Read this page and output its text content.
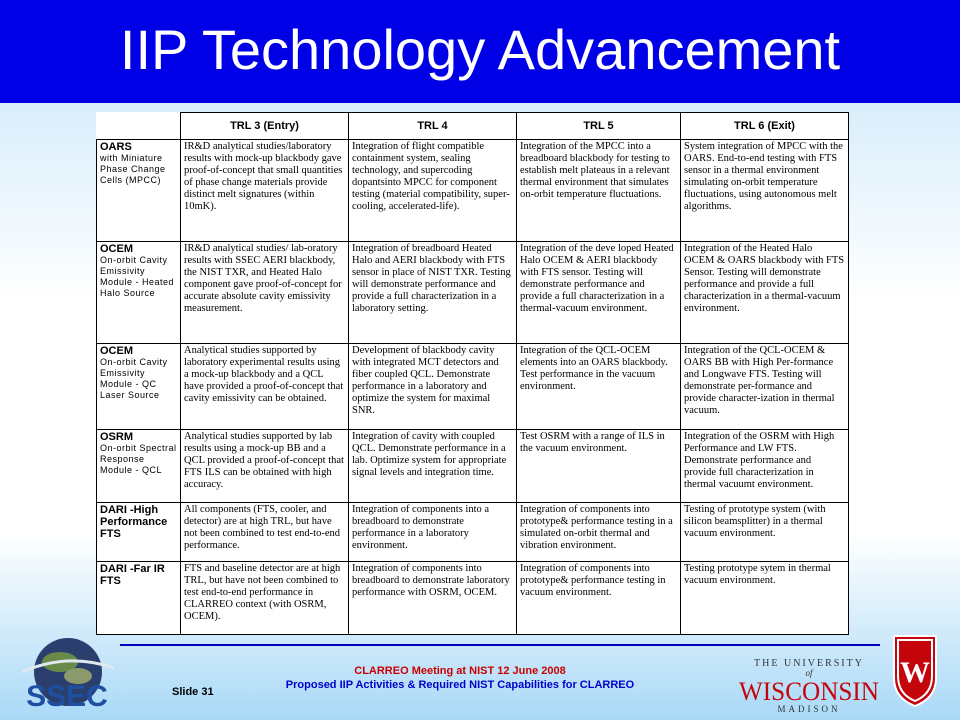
IIP Technology Advancement
	TRL 3 (Entry)	TRL 4	TRL 5	TRL 6 (Exit)

OARS
with Miniature Phase Change Cells (MPCC)	IR&D analytical studies/laboratory results with mock-up blackbody gave proof-of-concept that small quantities of phase change materials provide distinct melt signatures (within 10mK).	Integration of flight compatible containment system, sealing technology, and supercoding dopantsinto MPCC for component testing (material compatibility, super-cooling, accelerated-life).	Integration of the MPCC into a breadboard blackbody for testing to establish melt plateaus in a relevant thermal environment that simulates on-orbit temperature fluctuations.	System integration of MPCC with the OARS. End-to-end testing with FTS sensor in a thermal environment simulating on-orbit temperature fluctuations, using autonomous melt algorithms.

OCEM
On-orbit Cavity Emissivity Module - Heated Halo Source	IR&D analytical studies/ lab-oratory results with SSEC AERI blackbody, the NIST TXR, and Heated Halo component gave proof-of-concept for accurate absolute cavity emissivity measurement.	Integration of breadboard Heated Halo and AERI blackbody with FTS sensor in place of NIST TXR. Testing will demonstrate performance and provide a full characterization in a laboratory setting.	Integration of the deve loped Heated Halo OCEM & AERI blackbody with FTS sensor. Testing will demonstrate performance and provide a full characterization in a thermal-vacuum environment.	Integration of the Heated Halo OCEM & OARS blackbody with FTS Sensor. Testing will demonstrate performance and provide a full characterization in a thermal-vacuum environment.

OCEM
On-orbit Cavity Emissivity Module - QC Laser Source	Analytical studies supported by laboratory experimental results using a mock-up blackbody and a QCL have provided a proof-of-concept that cavity emissivity can be obtained.	Development of blackbody cavity with integrated MCT detectors and fiber coupled QCL. Demonstrate performance in a laboratory and optimize the system for maximal SNR.	Integration of the QCL-OCEM elements into an OARS blackbody. Test performance in the vacuum environment.	Integration of the QCL-OCEM & OARS BB with High Per-formance and Longwave FTS. Testing will demonstrate per-formance and provide character-ization in thermal vacuum.

OSRM
On-orbit Spectral Response Module - QCL	Analytical studies supported by lab results using a mock-up BB and a QCL provided a proof-of-concept that FTS ILS can be obtained with high accuracy.	Integration of cavity with coupled QCL. Demonstrate performance in a lab. Optimize system for appropriate signal levels and integration time.	Test OSRM with a range of ILS in the vacuum environment.	Integration of the OSRM with High Performance and LW FTS. Demonstrate performance and provide full characterization in thermal vacuumt environment.

DARI -High Performance FTS	All components (FTS, cooler, and detector) are at high TRL, but have not been combined to test end-to-end performance.	Integration of components into a breadboard to demonstrate performance in a laboratory environment.	Integration of components into prototype& performance testing in a simulated on-orbit thermal and vibration environment.	Testing of prototype system (with silicon beamsplitter) in a thermal vacuum environment.

DARI -Far IR FTS	FTS and baseline detector are at high TRL, but have not been combined to test end-to-end performance in CLARREO context (with OSRM, OCEM).	Integration of components into breadboard to demonstrate laboratory performance with OSRM, OCEM.	Integration of components into prototype& performance testing in vacuum environment.	Testing prototype sytem in thermal vacuum environment.
SSEC	Slide 31
CLARREO Meeting at NIST 12 June 2008
Proposed IIP Activities & Required NIST Capabilities for CLARREO
THE UNIVERSITY
of
WISCONSIN
MADISON
W
